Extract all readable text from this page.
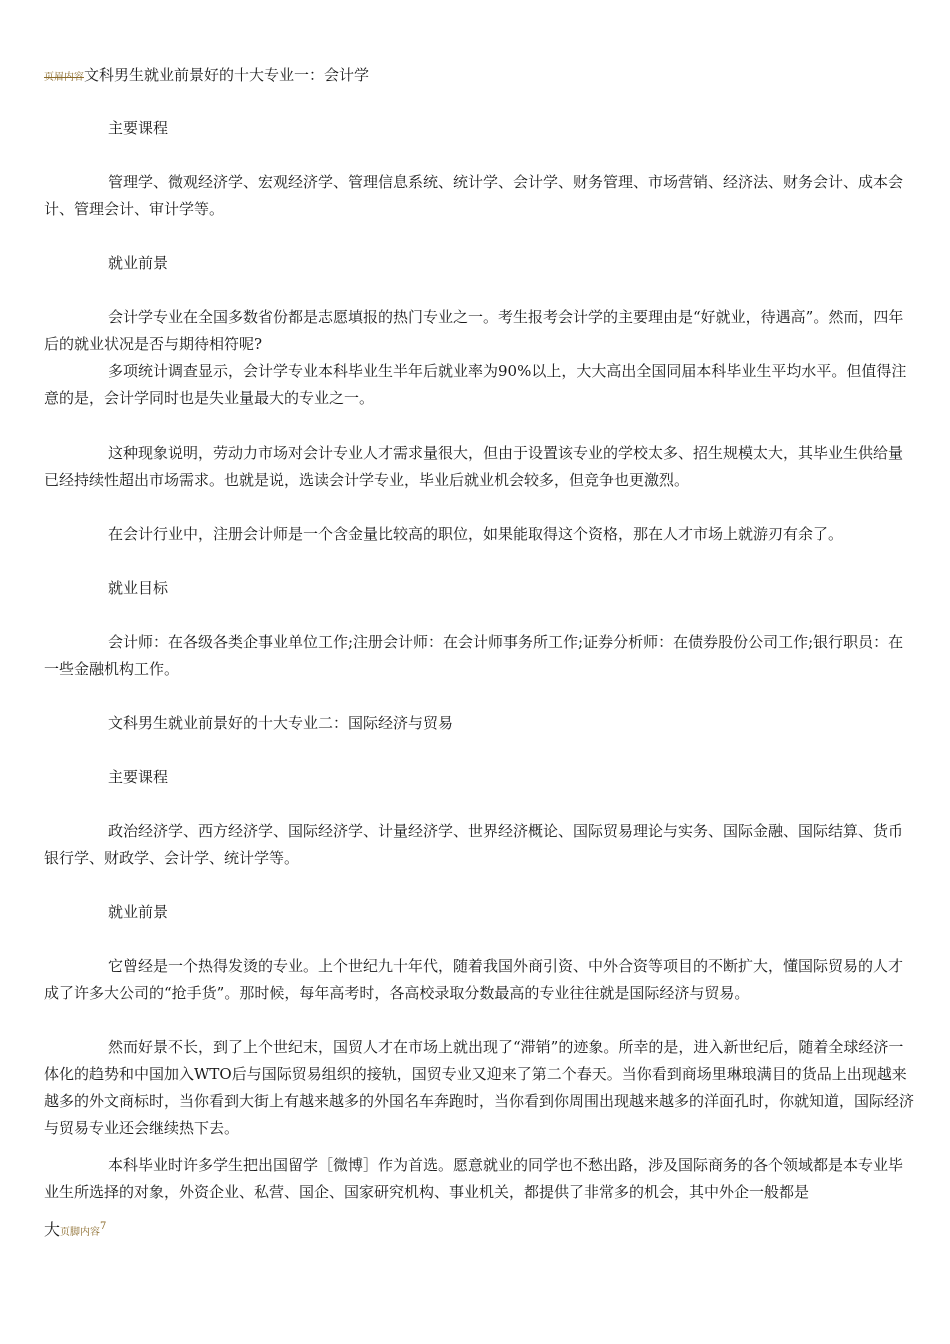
页眉内容文科男生就业前景好的十大专业一：会计学

主要课程

管理学、微观经济学、宏观经济学、管理信息系统、统计学、会计学、财务管理、市场营销、经济法、财务会计、成本会计、管理会计、审计学等。

就业前景

会计学专业在全国多数省份都是志愿填报的热门专业之一。考生报考会计学的主要理由是“好就业，待遇高”。然而，四年后的就业状况是否与期待相符呢?

多项统计调查显示，会计学专业本科毕业生半年后就业率为90%以上，大大高出全国同届本科毕业生平均水平。但值得注意的是，会计学同时也是失业量最大的专业之一。

这种现象说明，劳动力市场对会计专业人才需求量很大，但由于设置该专业的学校太多、招生规模太大，其毕业生供给量已经持续性超出市场需求。也就是说，选读会计学专业，毕业后就业机会较多，但竞争也更激烈。

在会计行业中，注册会计师是一个含金量比较高的职位，如果能取得这个资格，那在人才市场上就游刃有余了。

就业目标

会计师：在各级各类企事业单位工作;注册会计师：在会计师事务所工作;证券分析师：在债券股份公司工作;银行职员：在一些金融机构工作。

文科男生就业前景好的十大专业二：国际经济与贸易

主要课程

政治经济学、西方经济学、国际经济学、计量经济学、世界经济概论、国际贸易理论与实务、国际金融、国际结算、货币银行学、财政学、会计学、统计学等。

就业前景

它曾经是一个热得发烫的专业。上个世纪九十年代，随着我国外商引资、中外合资等项目的不断扩大，懂国际贸易的人才成了许多大公司的“抢手货”。那时候，每年高考时，各高校录取分数最高的专业往往就是国际经济与贸易。

然而好景不长，到了上个世纪末，国贸人才在市场上就出现了“滞销”的迹象。所幸的是，进入新世纪后，随着全球经济一体化的趋势和中国加入WTO后与国际贸易组织的接轨，国贸专业又迎来了第二个春天。当你看到商场里琳琅满目的货品上出现越来越多的外文商标时，当你看到大街上有越来越多的外国名车奔跑时，当你看到你周围出现越来越多的洋面孔时，你就知道，国际经济与贸易专业还会继续热下去。

本科毕业时许多学生把出国留学［微博］作为首选。愿意就业的同学也不愁出路，涉及国际商务的各个领域都是本专业毕业生所选择的对象，外资企业、私营、国企、国家研究机构、事业机关，都提供了非常多的机会，其中外企一般都是

大页脚内容$^7$
